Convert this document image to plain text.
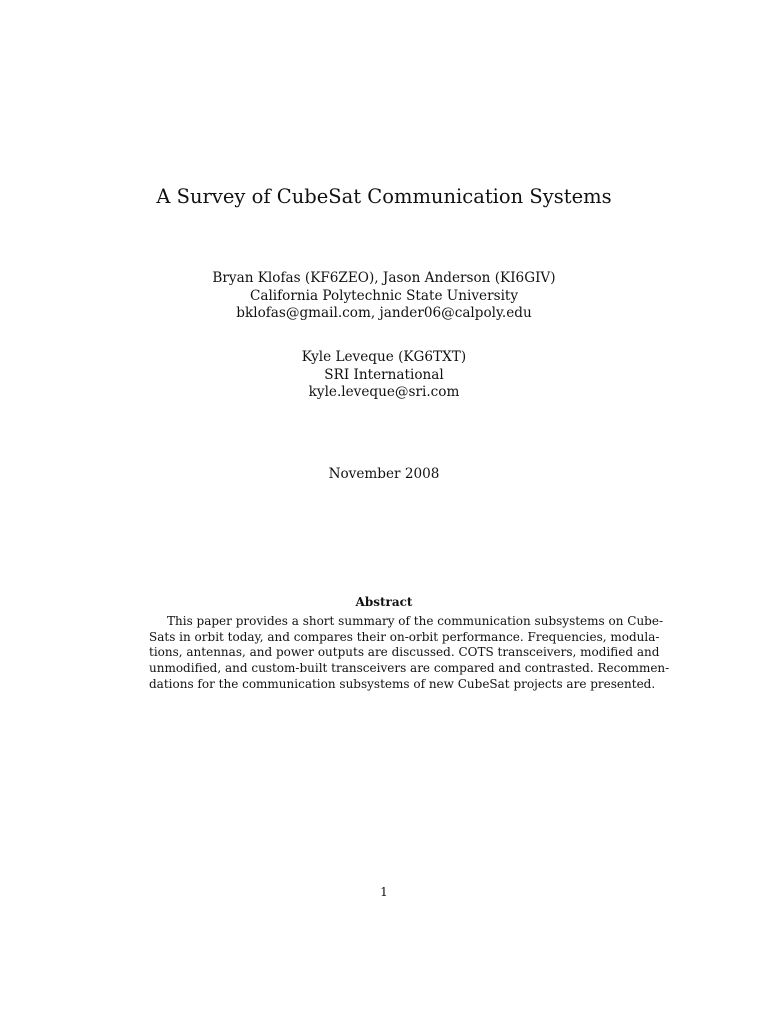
A Survey of CubeSat Communication Systems
Bryan Klofas (KF6ZEO), Jason Anderson (KI6GIV)
California Polytechnic State University
bklofas@gmail.com, jander06@calpoly.edu
Kyle Leveque (KG6TXT)
SRI International
kyle.leveque@sri.com
November 2008
Abstract
This paper provides a short summary of the communication subsystems on Cube-
Sats in orbit today, and compares their on-orbit performance. Frequencies, modula-
tions, antennas, and power outputs are discussed. COTS transceivers, modified and
unmodified, and custom-built transceivers are compared and contrasted. Recommen-
dations for the communication subsystems of new CubeSat projects are presented.
1
